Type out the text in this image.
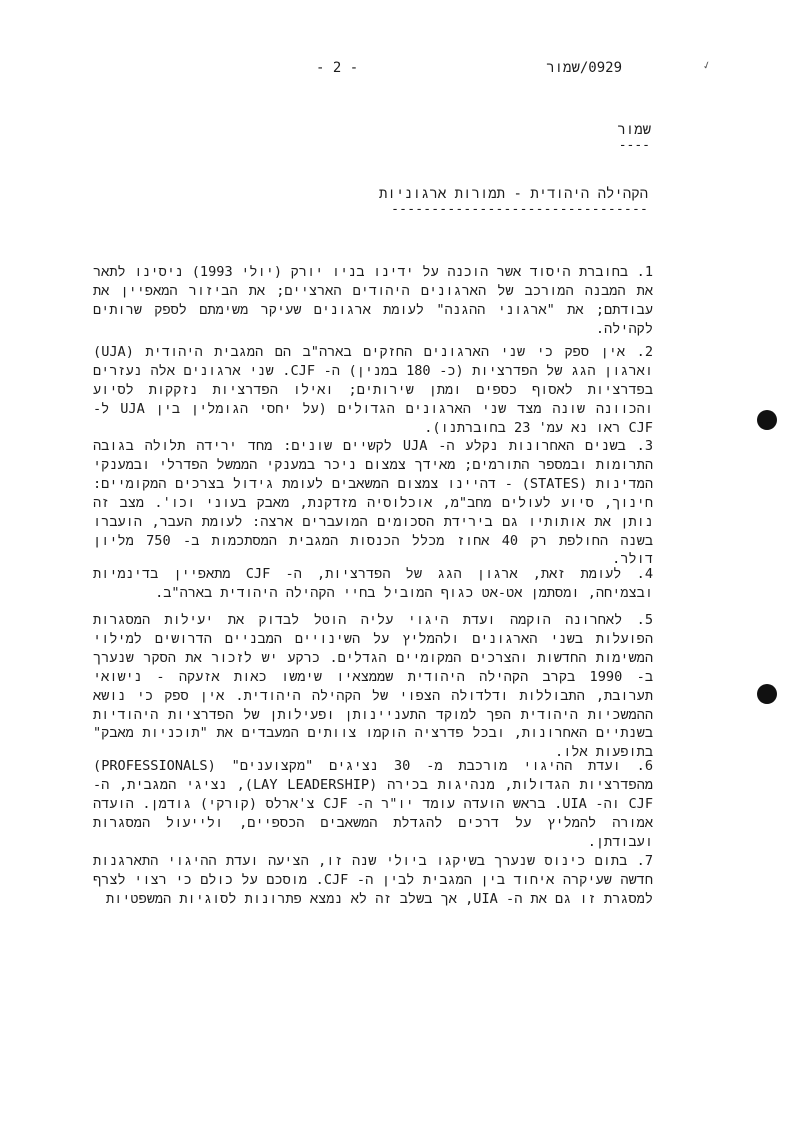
- 2 -	0929/שמור	✓
שמור
----
הקהילה היהודית - תמורות ארגוניות
--------------------------------

1. בחוברת היסוד אשר הוכנה על ידינו בניו יורק (יולי 1993) ניסינו לתאר את המבנה המורכב של הארגונים היהודים הארציים; את הביזור המאפיין את עבודתם; את "ארגוני ההגנה" לעומת ארגונים שעיקר משימתם לספק שרותים לקהילה.

2. אין ספק כי שני הארגונים החזקים בארה"ב הם המגבית היהודית (UJA) וארגון הגג של הפדרציות (כ- 180 במנין) ה- CJF. שני ארגונים אלה נעזרים בפדרציות לאסוף כספים ומתן שירותים; ואילו הפדרציות נזקקות לסיוע והכוונה שונה מצד שני הארגונים הגדולים (על יחסי הגומלין בין UJA ל- CJF ראו נא עמ' 23 בחוברתנו).

3. בשנים האחרונות נקלע ה- UJA לקשיים שונים: מחד ירידה תלולה בגובה התרומות ובמספר התורמים; מאידך צמצום ניכר במענקי הממשל הפדרלי ובמענקי המדינות (STATES) - דהיינו צמצום המשאבים לעומת גידול בצרכים המקומיים: חינוך, סיוע לעולים מחב"מ, אוכלוסיה מזדקנת, מאבק בעוני וכו'. מצב זה נותן את אותותיו גם בירידת הסכומים המועברים ארצה: לעומת העבר, הועברו בשנה החולפת רק 40 אחוז מכלל הכנסות המגבית המסתכמות ב- 750 מליון דולר.

4. לעומת זאת, ארגון הגג של הפדרציות, ה- CJF מתאפיין בדינמיות ובצמיחה, ומסתמן אט-אט כגוף המוביל בחיי הקהילה היהודית בארה"ב.

5. לאחרונה הוקמה ועדת היגוי עליה הוטל לבדוק את יעילות המסגרות הפועלות בשני הארגונים ולהמליץ על השינויים המבניים הדרושים למילוי המשימות החדשות והצרכים המקומיים הגדלים. כרקע יש לזכור את הסקר שנערך ב- 1990 בקרב הקהילה היהודית שממצאיו שימשו כאות אזעקה - נישואי תערובת, התבוללות ודלדולה הצפוי של הקהילה היהודית. אין ספק כי נושא ההמשכיות היהודית הפך למוקד התעניינותן ופעילותן של הפדרציות היהודיות בשנתיים האחרונות, ובכל פדרציה הוקמו צוותים המעבדים את "תוכניות מאבק" בתופעות אלו.

6. ועדת ההיגוי מורכבת מ- 30 נציגים "מקצוענים" (PROFESSIONALS) מהפדרציות הגדולות, מנהיגות בכירה (LAY LEADERSHIP), נציגי המגבית, ה- CJF וה- UIA. בראש הועדה עומד יו"ר ה- CJF צ'ארלס (קורקי) גודמן. הועדה אמורה להמליץ על דרכים להגדלת המשאבים הכספיים, ולייעול המסגרות ועבודתן.

7. בתום כינוס שנערך בשיקגו ביולי שנה זו, הציעה ועדת ההיגוי התארגנות חדשה שעיקרה איחוד בין המגבית לבין ה- CJF. מוסכם על כולם כי רצוי לצרף למסגרת זו גם את ה- UIA, אך בשלב זה לא נמצא פתרונות לסוגיות המשפטיות
